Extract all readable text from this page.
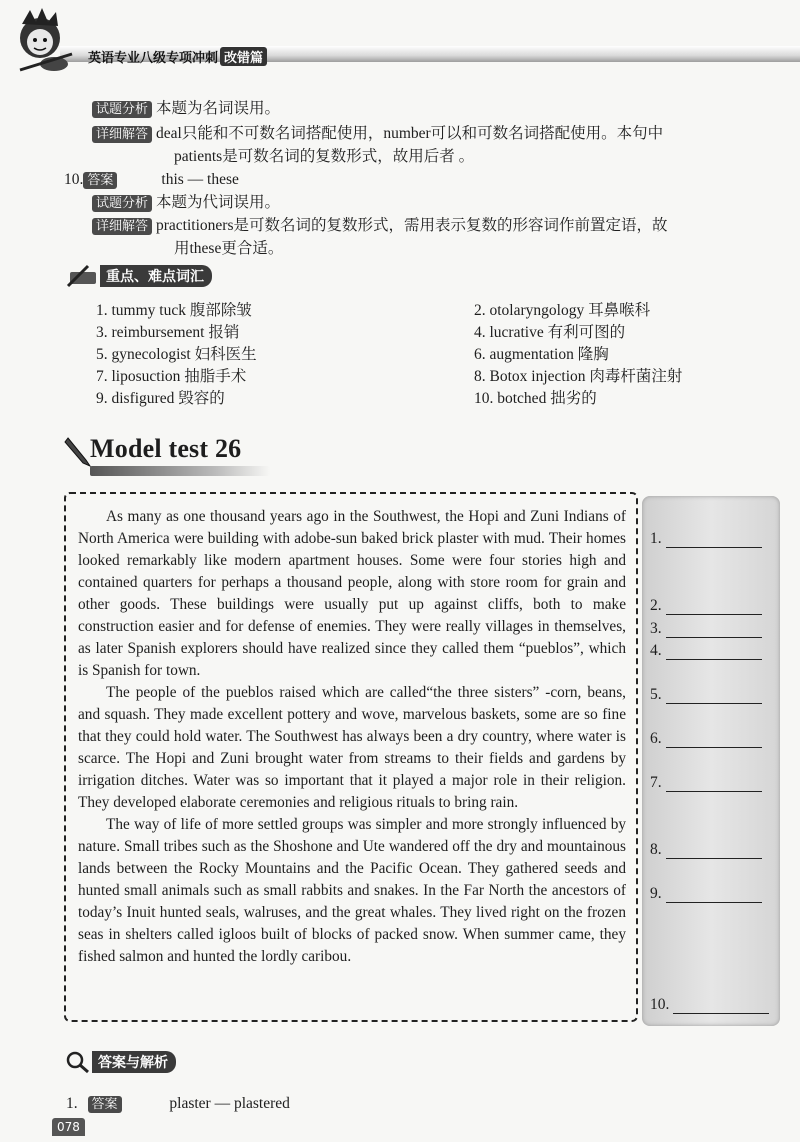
英语专业八级专项冲刺 改错篇
试题分析 本题为名词误用。
详细解答 deal只能和不可数名词搭配使用，number可以和可数名词搭配使用。本句中
patients是可数名词的复数形式，故用后者 。
10. 答案	this — these
试题分析 本题为代词误用。
详细解答 practitioners是可数名词的复数形式，需用表示复数的形容词作前置定语，故
用these更合适。
重点、难点词汇
1. tummy tuck 腹部除皱	2. otolaryngology 耳鼻喉科
3. reimbursement 报销	4. lucrative 有利可图的
5. gynecologist 妇科医生	6. augmentation 隆胸
7. liposuction 抽脂手术	8. Botox injection 肉毒杆菌注射
9. disfigured 毁容的	10. botched 拙劣的
Model test 26

As many as one thousand years ago in the Southwest, the Hopi and Zuni Indians of North America were building with adobe-sun baked brick plaster with mud. Their homes looked remarkably like modern apartment houses. Some were four stories high and contained quarters for perhaps a thousand people, along with store room for grain and other goods. These buildings were usually put up against cliffs, both to make construction easier and for defense of enemies. They were really villages in themselves, as later Spanish explorers should have realized since they called them “pueblos”, which is Spanish for town.

The people of the pueblos raised which are called“the three sisters” -corn, beans, and squash. They made excellent pottery and wove, marvelous baskets, some are so fine that they could hold water. The Southwest has always been a dry country, where water is scarce. The Hopi and Zuni brought water from streams to their fields and gardens by irrigation ditches. Water was so important that it played a major role in their religion. They developed elaborate ceremonies and religious rituals to bring rain.

The way of life of more settled groups was simpler and more strongly influenced by nature. Small tribes such as the Shoshone and Ute wandered off the dry and mountainous lands between the Rocky Mountains and the Pacific Ocean. They gathered seeds and hunted small animals such as small rabbits and snakes. In the Far North the ancestors of today’s Inuit hunted seals, walruses, and the great whales. They lived right on the frozen seas in shelters called igloos built of blocks of packed snow. When summer came, they fished salmon and hunted the lordly caribou.

1.
2.
3.
4.
5.
6.
7.
8.
9.
10.
答案与解析
1. 答案	plaster — plastered
078
